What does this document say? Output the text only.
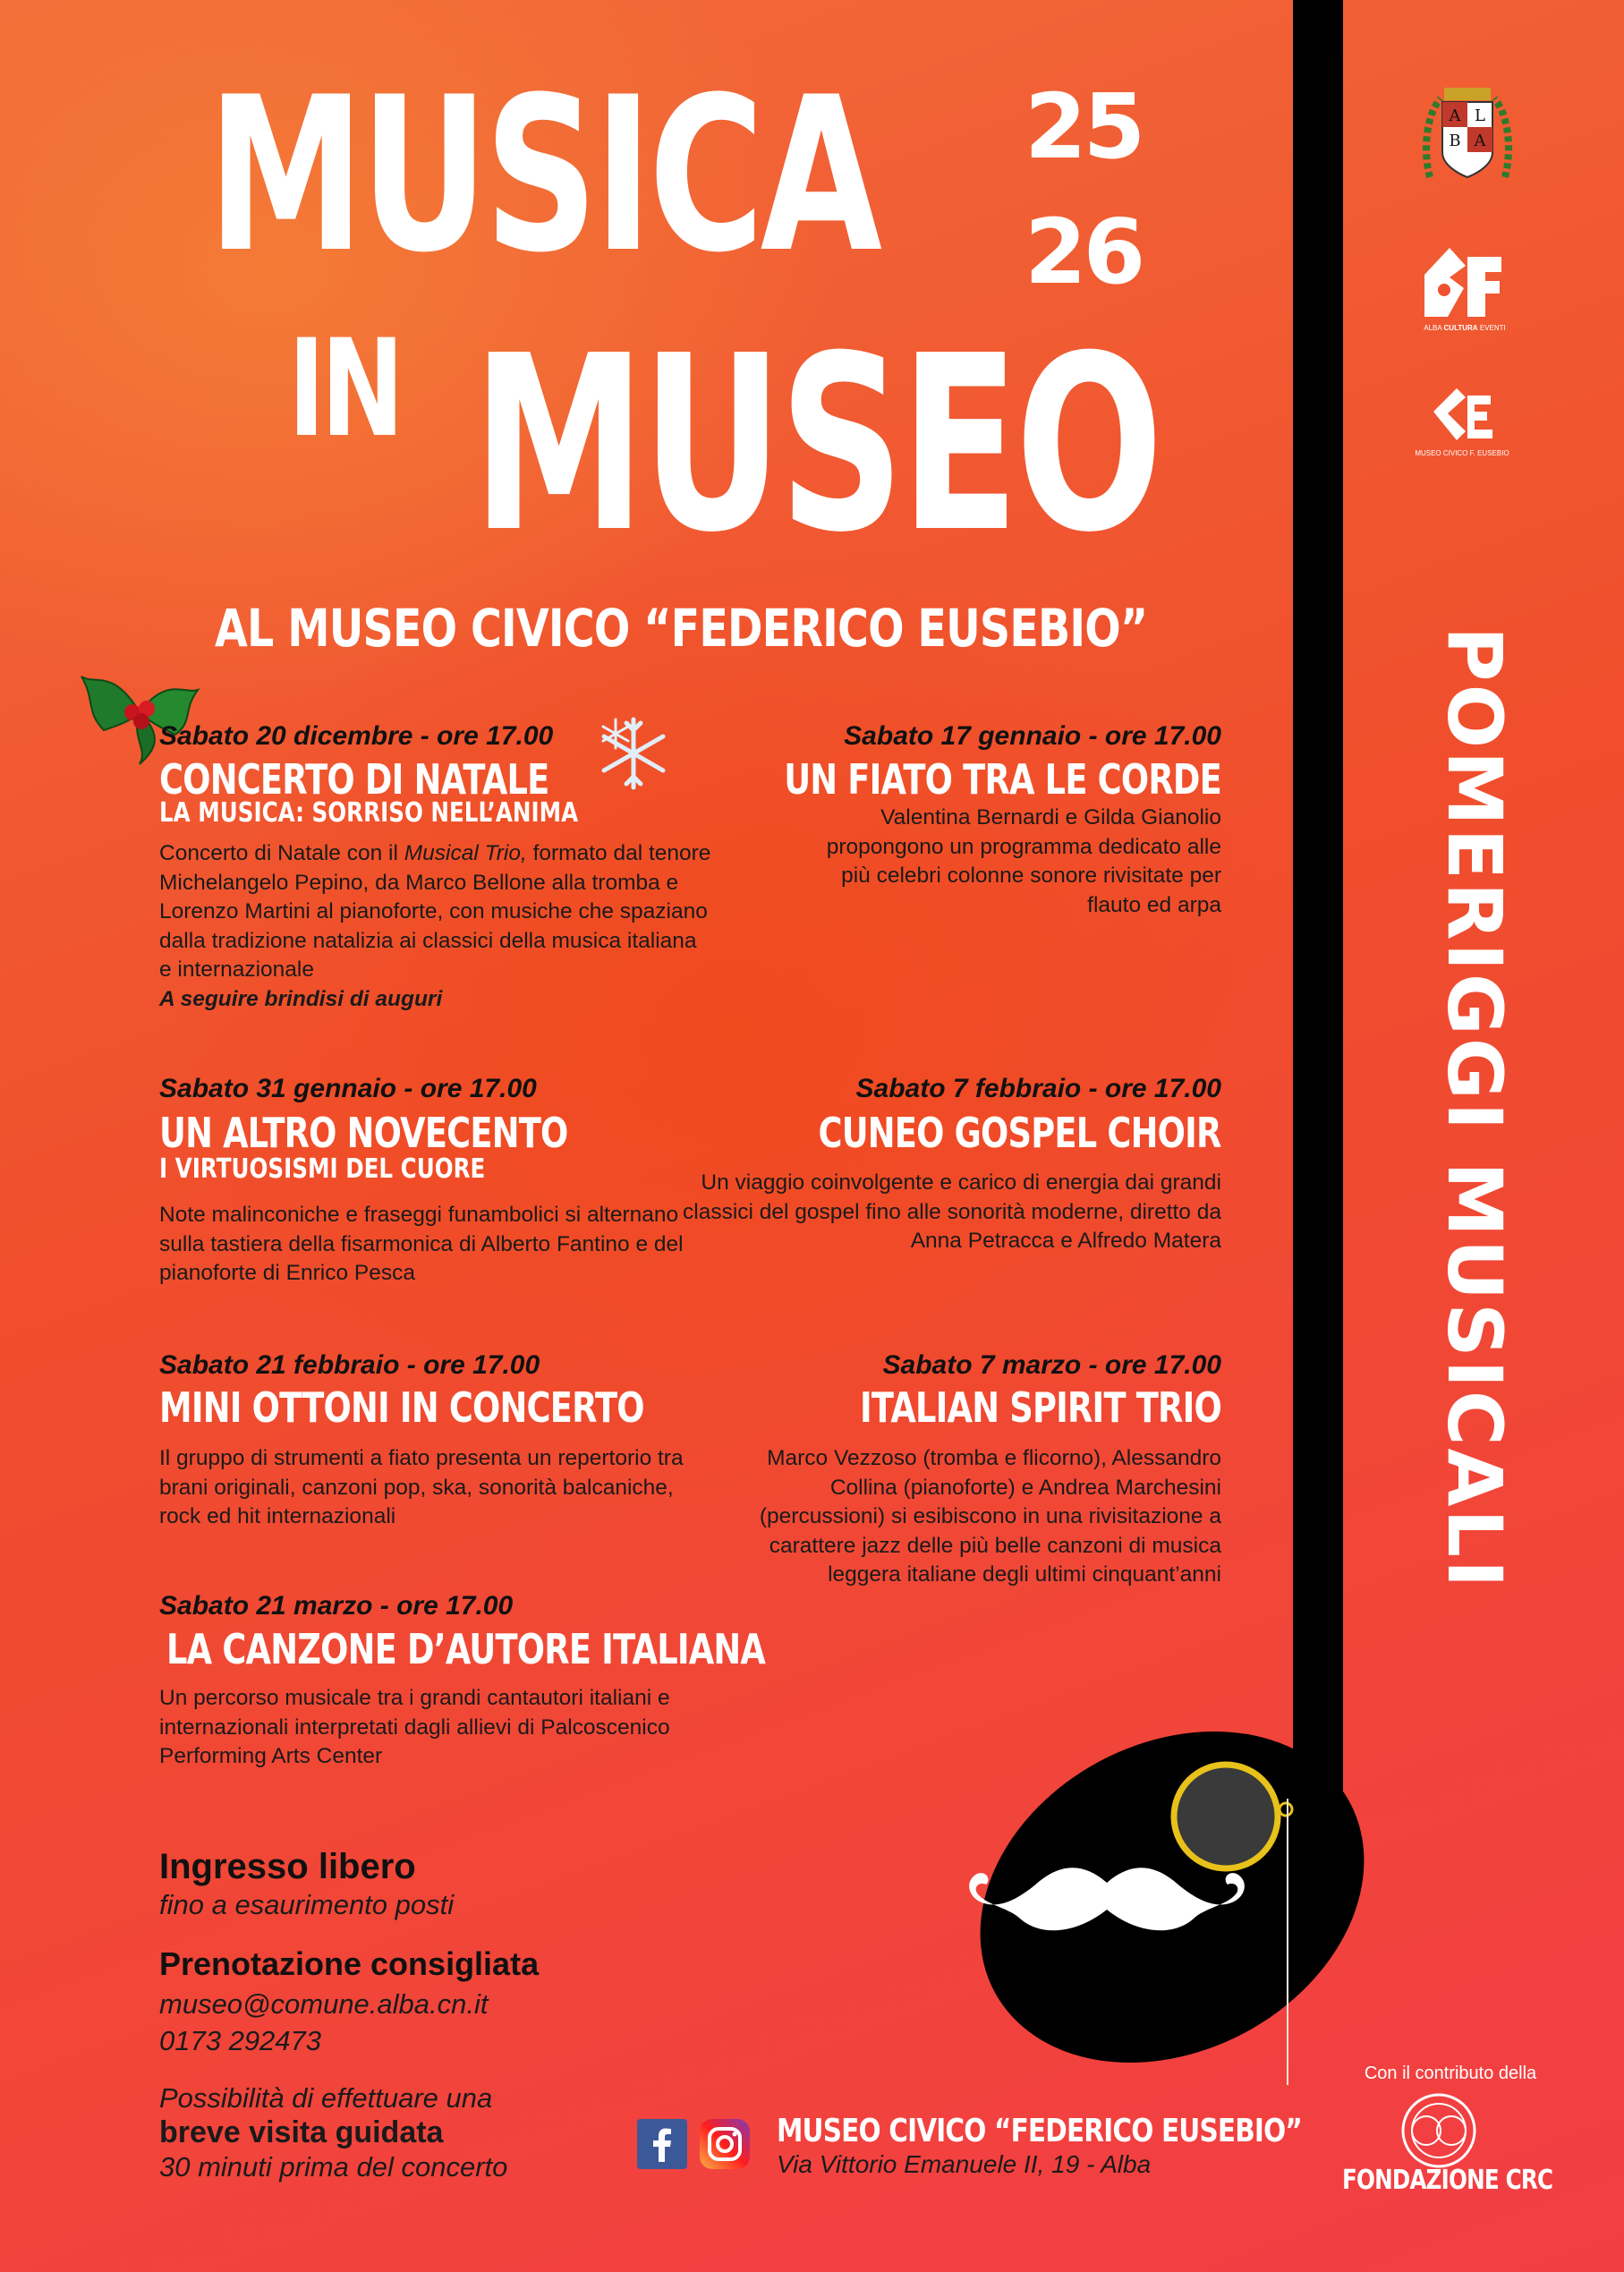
MUSICA 25
26
IN MUSEO
AL MUSEO CIVICO “FEDERICO EUSEBIO”
Sabato 20 dicembre - ore 17.00
CONCERTO DI NATALE
LA MUSICA: SORRISO NELL’ANIMA
Concerto di Natale con il Musical Trio, formato dal tenore Michelangelo Pepino, da Marco Bellone alla tromba e Lorenzo Martini al pianoforte, con musiche che spaziano dalla tradizione natalizia ai classici della musica italiana e internazionale
A seguire brindisi di auguri
Sabato 31 gennaio - ore 17.00
UN ALTRO NOVECENTO
I VIRTUOSISMI DEL CUORE
Note malinconiche e fraseggi funambolici si alternano sulla tastiera della fisarmonica di Alberto Fantino e del pianoforte di Enrico Pesca
Sabato 21 febbraio - ore 17.00
MINI OTTONI IN CONCERTO
Il gruppo di strumenti a fiato presenta un repertorio tra brani originali, canzoni pop, ska, sonorità balcaniche, rock ed hit internazionali
Sabato 21 marzo - ore 17.00
LA CANZONE D’AUTORE ITALIANA
Un percorso musicale tra i grandi cantautori italiani e internazionali interpretati dagli allievi di Palcoscenico Performing Arts Center
Sabato 17 gennaio - ore 17.00
UN FIATO TRA LE CORDE
Valentina Bernardi e Gilda Gianolio propongono un programma dedicato alle più celebri colonne sonore rivisitate per flauto ed arpa
Sabato 7 febbraio - ore 17.00
CUNEO GOSPEL CHOIR
Un viaggio coinvolgente e carico di energia dai grandi classici del gospel fino alle sonorità moderne, diretto da Anna Petracca e Alfredo Matera
Sabato 7 marzo - ore 17.00
ITALIAN SPIRIT TRIO
Marco Vezzoso (tromba e flicorno), Alessandro Collina (pianoforte) e Andrea Marchesini (percussioni) si esibiscono in una rivisitazione a carattere jazz delle più belle canzoni di musica leggera italiane degli ultimi cinquant’anni
Ingresso libero
fino a esaurimento posti
Prenotazione consigliata
museo@comune.alba.cn.it
0173 292473
Possibilità di effettuare una
breve visita guidata
30 minuti prima del concerto
MUSEO CIVICO “FEDERICO EUSEBIO”
Via Vittorio Emanuele II, 19 - Alba
POMERIGGI MUSICALI
A L
B A
ALBA CULTURA EVENTI
MUSEO CIVICO F. EUSEBIO
Con il contributo della
FONDAZIONE CRC
